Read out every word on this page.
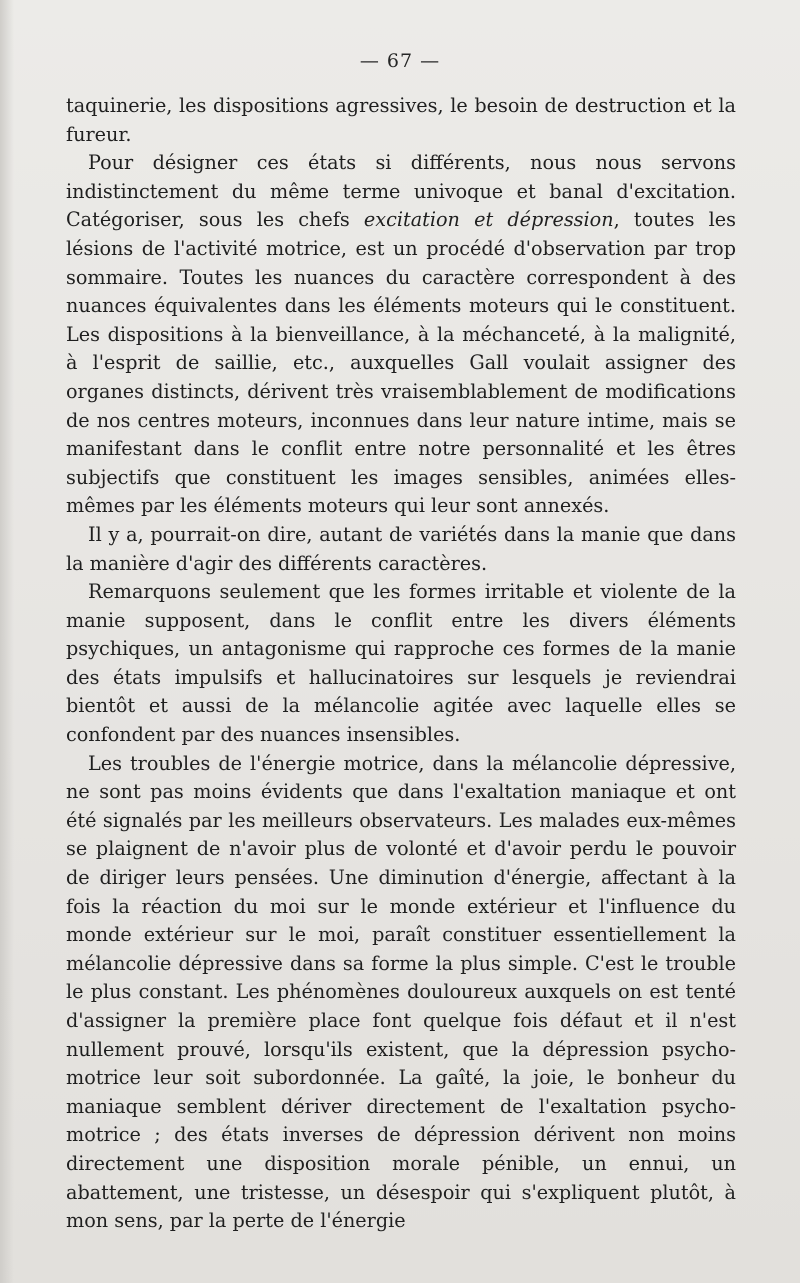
— 67 —

taquinerie, les dispositions agressives, le besoin de destruction et la fureur.

Pour désigner ces états si différents, nous nous servons indistinctement du même terme univoque et banal d'excitation. Catégoriser, sous les chefs excitation et dépression, toutes les lésions de l'activité motrice, est un procédé d'observation par trop sommaire. Toutes les nuances du caractère correspondent à des nuances équivalentes dans les éléments moteurs qui le constituent. Les dispositions à la bienveillance, à la méchanceté, à la malignité, à l'esprit de saillie, etc., auxquelles Gall voulait assigner des organes distincts, dérivent très vraisemblablement de modifications de nos centres moteurs, inconnues dans leur nature intime, mais se manifestant dans le conflit entre notre personnalité et les êtres subjectifs que constituent les images sensibles, animées elles-mêmes par les éléments moteurs qui leur sont annexés.

Il y a, pourrait-on dire, autant de variétés dans la manie que dans la manière d'agir des différents caractères.

Remarquons seulement que les formes irritable et violente de la manie supposent, dans le conflit entre les divers éléments psychiques, un antagonisme qui rapproche ces formes de la manie des états impulsifs et hallucinatoires sur lesquels je reviendrai bientôt et aussi de la mélancolie agitée avec laquelle elles se confondent par des nuances insensibles.

Les troubles de l'énergie motrice, dans la mélancolie dépressive, ne sont pas moins évidents que dans l'exaltation maniaque et ont été signalés par les meilleurs observateurs. Les malades eux-mêmes se plaignent de n'avoir plus de volonté et d'avoir perdu le pouvoir de diriger leurs pensées. Une diminution d'énergie, affectant à la fois la réaction du moi sur le monde extérieur et l'influence du monde extérieur sur le moi, paraît constituer essentiellement la mélancolie dépressive dans sa forme la plus simple. C'est le trouble le plus constant. Les phénomènes douloureux auxquels on est tenté d'assigner la première place font quelque fois défaut et il n'est nullement prouvé, lorsqu'ils existent, que la dépression psycho-motrice leur soit subordonnée. La gaîté, la joie, le bonheur du maniaque semblent dériver directement de l'exaltation psycho-motrice ; des états inverses de dépression dérivent non moins directement une disposition morale pénible, un ennui, un abattement, une tristesse, un désespoir qui s'expliquent plutôt, à mon sens, par la perte de l'énergie
